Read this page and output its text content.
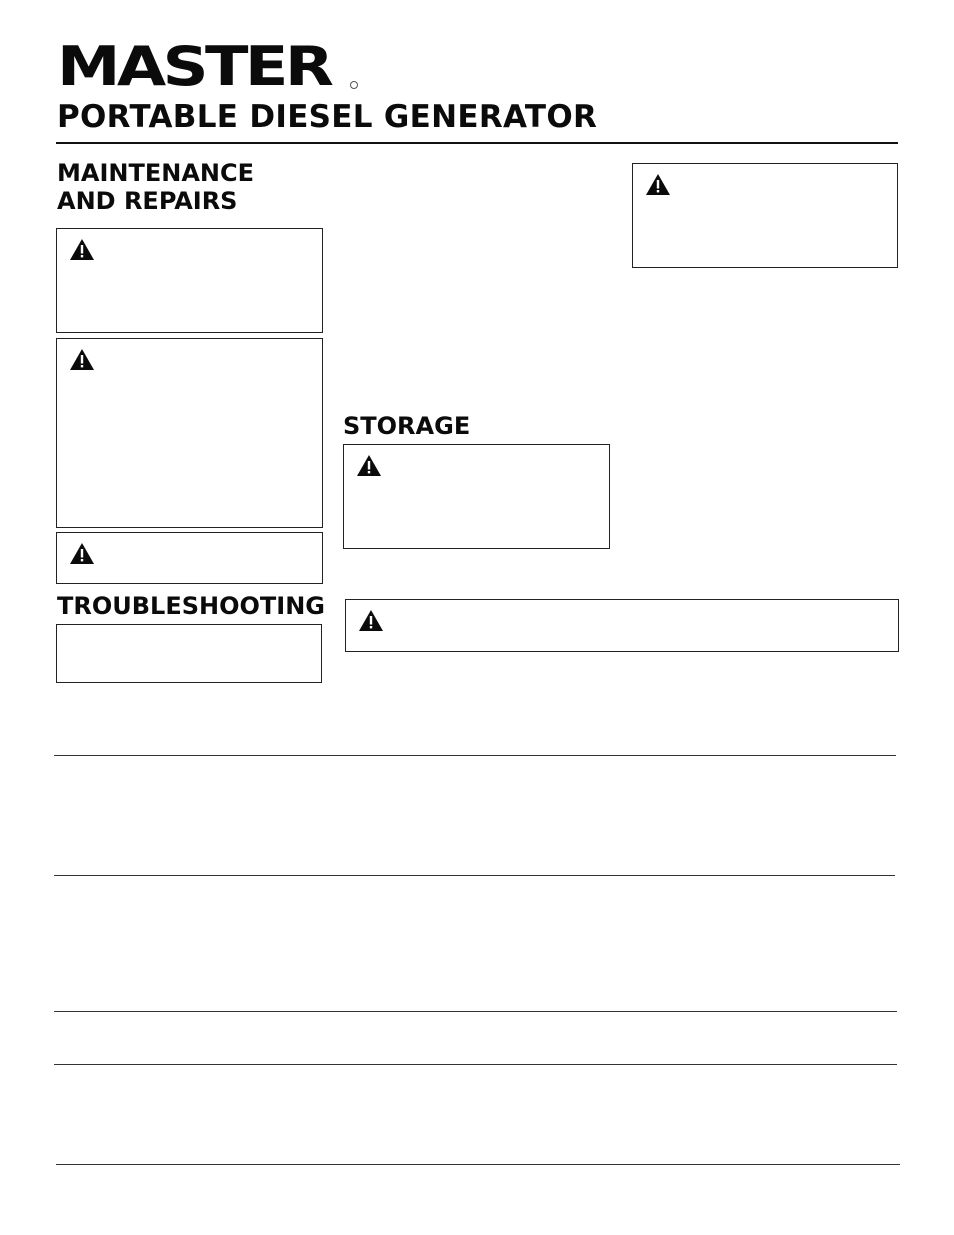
MASTER
PORTABLE DIESEL GENERATOR
MAINTENANCE
AND REPAIRS
TROUBLESHOOTING
STORAGE
